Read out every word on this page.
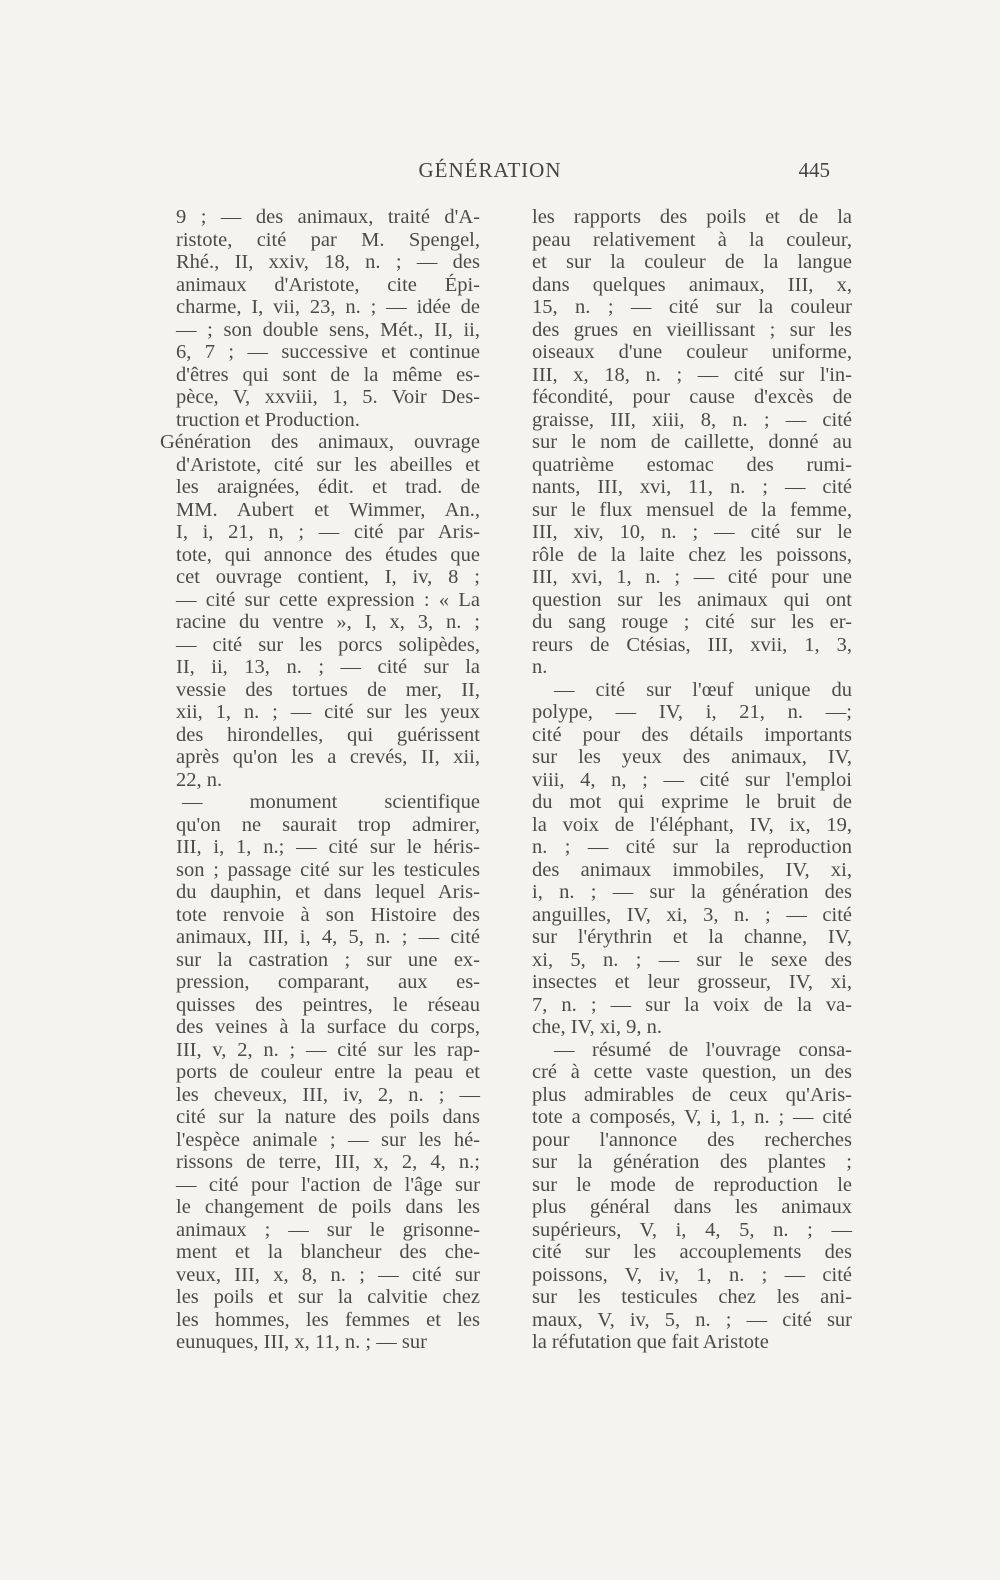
GÉNÉRATION	445
9 ; — des animaux, traité d'A-
ristote, cité par M. Spengel,
Rhé., II, xxiv, 18, n. ; — des
animaux d'Aristote, cite Épi-
charme, I, vii, 23, n. ; — idée de
— ; son double sens, Mét., II, ii,
6, 7 ; — successive et continue
d'êtres qui sont de la même es-
pèce, V, xxviii, 1, 5. Voir Des-
truction et Production.
Génération des animaux, ouvrage
d'Aristote, cité sur les abeilles et
les araignées, édit. et trad. de
MM. Aubert et Wimmer, An.,
I, i, 21, n, ; — cité par Aris-
tote, qui annonce des études que
cet ouvrage contient, I, iv, 8 ;
— cité sur cette expression : « La
racine du ventre », I, x, 3, n. ;
— cité sur les porcs solipèdes,
II, ii, 13, n. ; — cité sur la
vessie des tortues de mer, II,
xii, 1, n. ; — cité sur les yeux
des hirondelles, qui guérissent
après qu'on les a crevés, II, xii,
22, n.
— monument scientifique
qu'on ne saurait trop admirer,
III, i, 1, n.; — cité sur le héris-
son ; passage cité sur les testicules
du dauphin, et dans lequel Aris-
tote renvoie à son Histoire des
animaux, III, i, 4, 5, n. ; — cité
sur la castration ; sur une ex-
pression, comparant, aux es-
quisses des peintres, le réseau
des veines à la surface du corps,
III, v, 2, n. ; — cité sur les rap-
ports de couleur entre la peau et
les cheveux, III, iv, 2, n. ; —
cité sur la nature des poils dans
l'espèce animale ; — sur les hé-
rissons de terre, III, x, 2, 4, n.;
— cité pour l'action de l'âge sur
le changement de poils dans les
animaux ; — sur le grisonne-
ment et la blancheur des che-
veux, III, x, 8, n. ; — cité sur
les poils et sur la calvitie chez
les hommes, les femmes et les
eunuques, III, x, 11, n. ; — sur
les rapports des poils et de la
peau relativement à la couleur,
et sur la couleur de la langue
dans quelques animaux, III, x,
15, n. ; — cité sur la couleur
des grues en vieillissant ; sur les
oiseaux d'une couleur uniforme,
III, x, 18, n. ; — cité sur l'in-
fécondité, pour cause d'excès de
graisse, III, xiii, 8, n. ; — cité
sur le nom de caillette, donné au
quatrième estomac des rumi-
nants, III, xvi, 11, n. ; — cité
sur le flux mensuel de la femme,
III, xiv, 10, n. ; — cité sur le
rôle de la laite chez les poissons,
III, xvi, 1, n. ; — cité pour une
question sur les animaux qui ont
du sang rouge ; cité sur les er-
reurs de Ctésias, III, xvii, 1, 3,
n.
— cité sur l'œuf unique du
polype, — IV, i, 21, n. —;
cité pour des détails importants
sur les yeux des animaux, IV,
viii, 4, n, ; — cité sur l'emploi
du mot qui exprime le bruit de
la voix de l'éléphant, IV, ix, 19,
n. ; — cité sur la reproduction
des animaux immobiles, IV, xi,
i, n. ; — sur la génération des
anguilles, IV, xi, 3, n. ; — cité
sur l'érythrin et la channe, IV,
xi, 5, n. ; — sur le sexe des
insectes et leur grosseur, IV, xi,
7, n. ; — sur la voix de la va-
che, IV, xi, 9, n.
— résumé de l'ouvrage consa-
cré à cette vaste question, un des
plus admirables de ceux qu'Aris-
tote a composés, V, i, 1, n. ; — cité
pour l'annonce des recherches
sur la génération des plantes ;
sur le mode de reproduction le
plus général dans les animaux
supérieurs, V, i, 4, 5, n. ; —
cité sur les accouplements des
poissons, V, iv, 1, n. ; — cité
sur les testicules chez les ani-
maux, V, iv, 5, n. ; — cité sur
la réfutation que fait Aristote
